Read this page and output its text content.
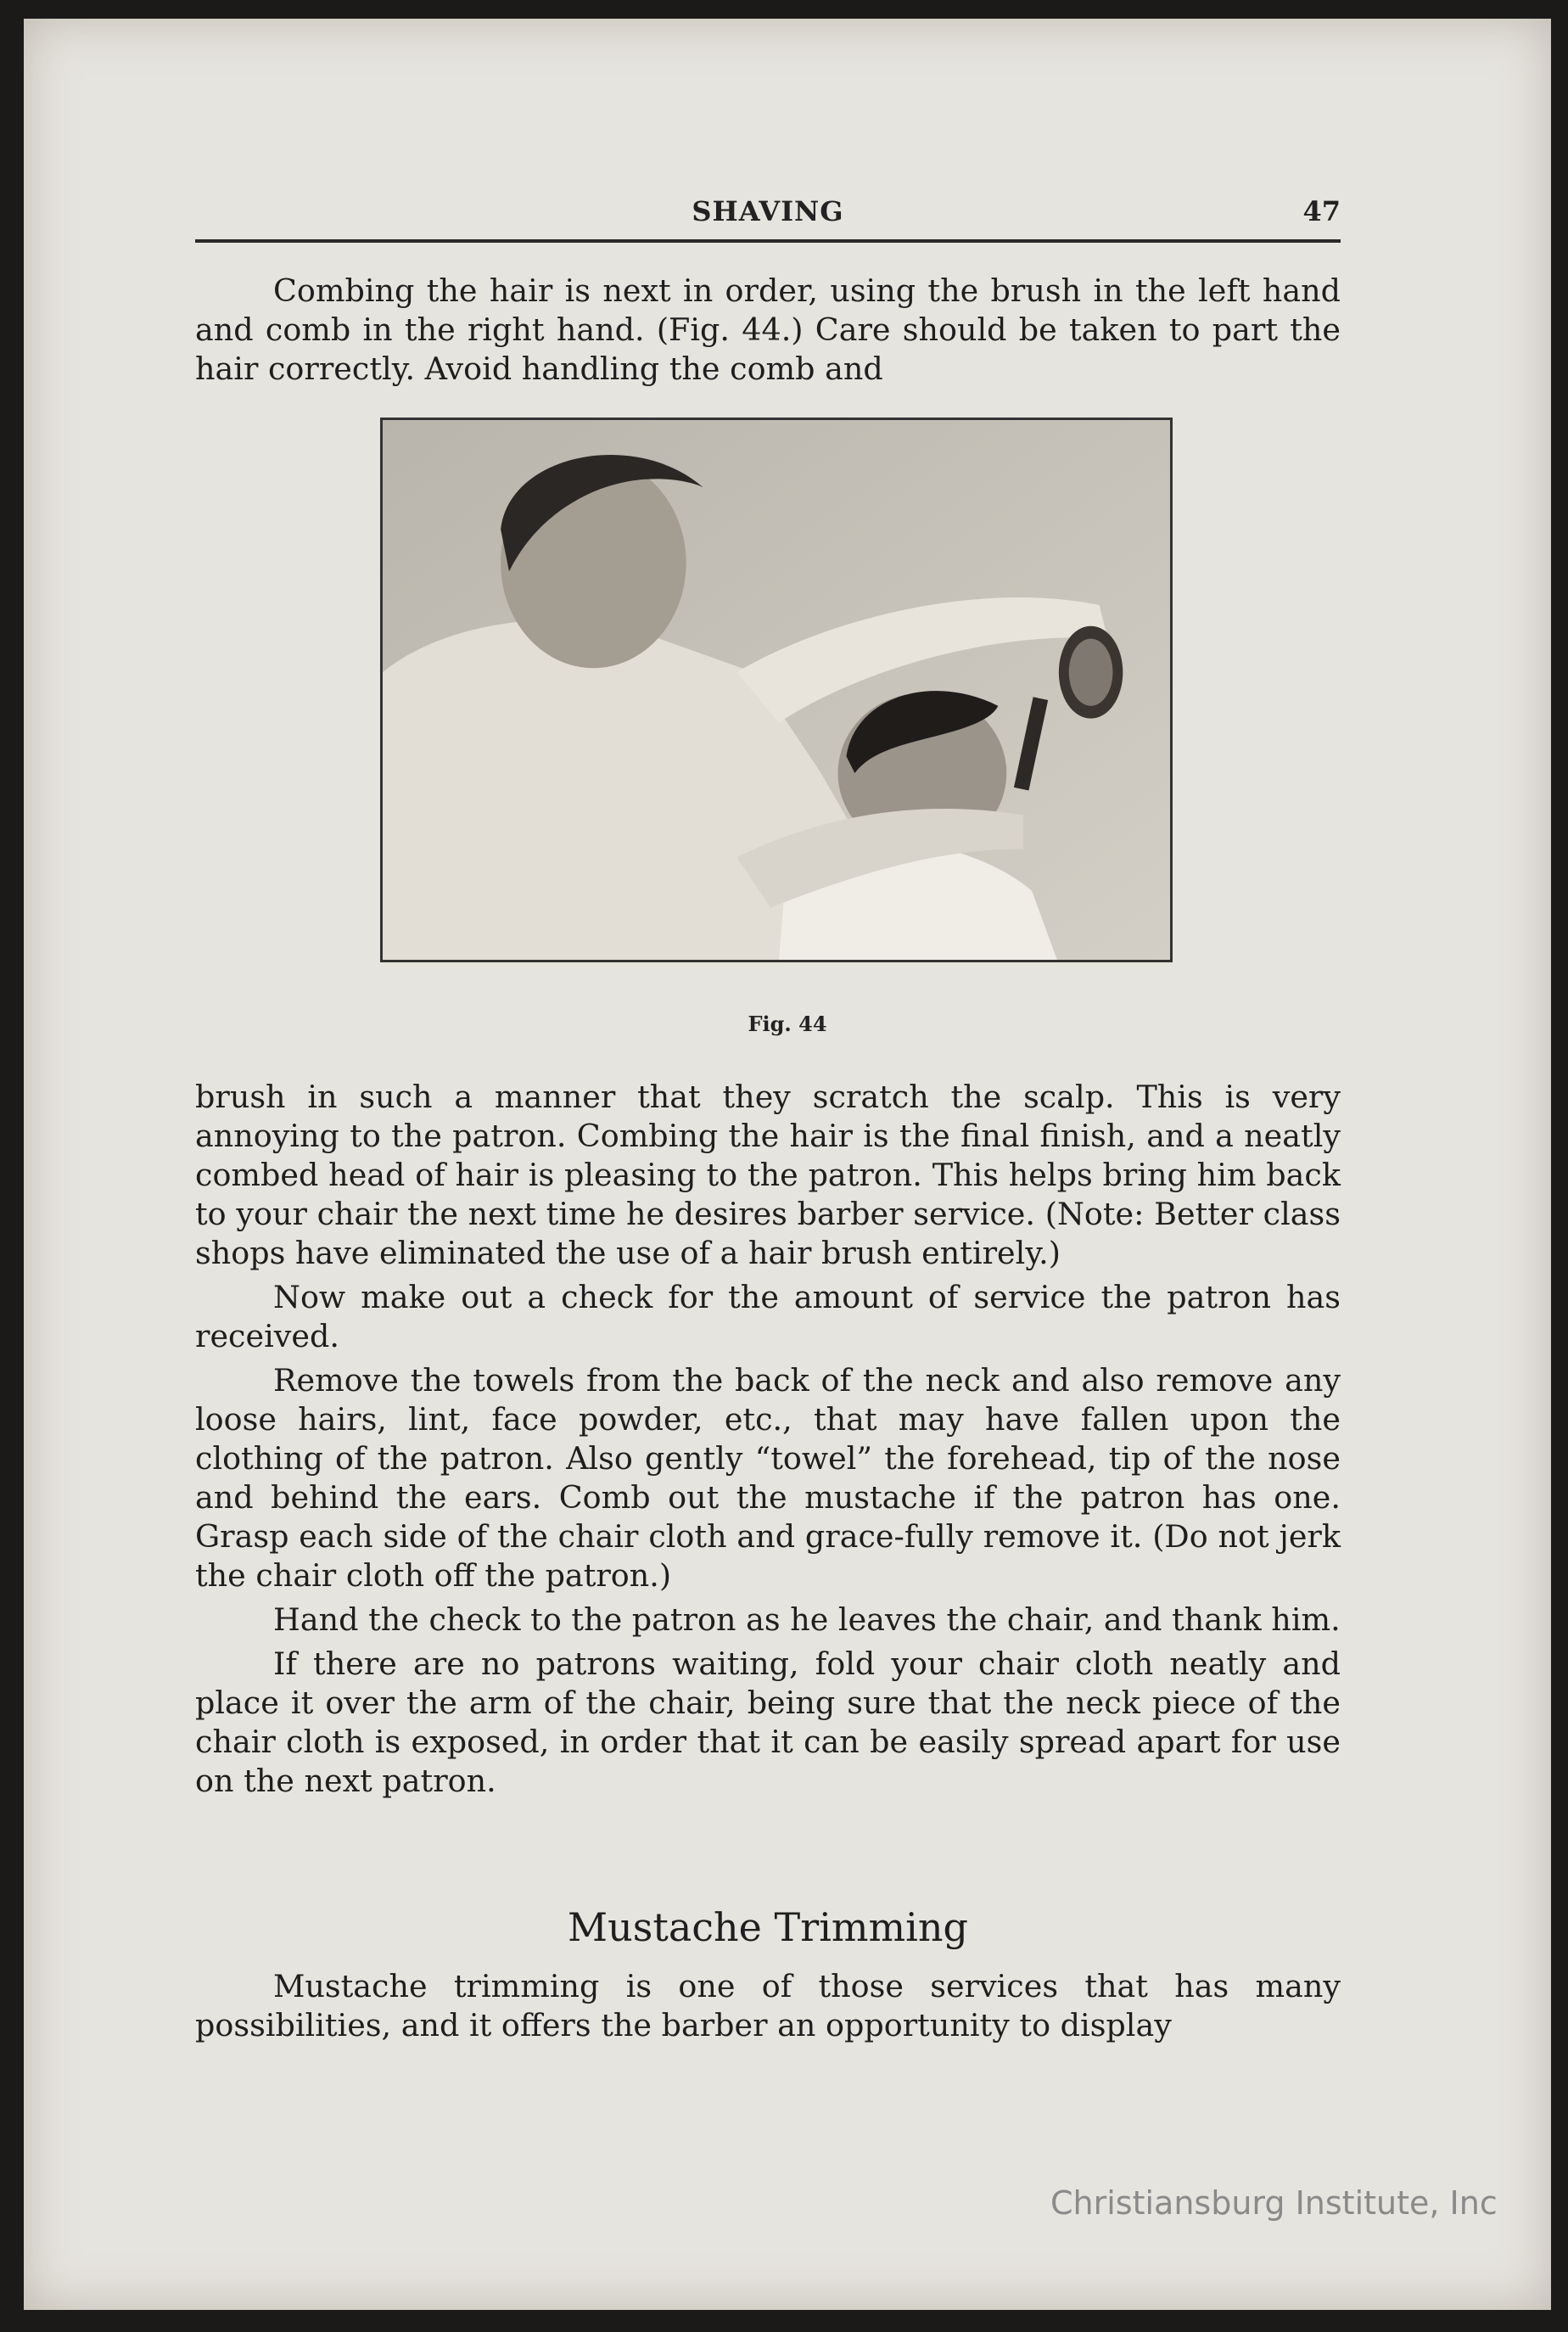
SHAVING	47

Combing the hair is next in order, using the brush in the left hand and comb in the right hand. (Fig. 44.) Care should be taken to part the hair correctly. Avoid handling the comb and

Fig. 44

brush in such a manner that they scratch the scalp. This is very annoying to the patron. Combing the hair is the final finish, and a neatly combed head of hair is pleasing to the patron. This helps bring him back to your chair the next time he desires barber service. (Note: Better class shops have eliminated the use of a hair brush entirely.)

Now make out a check for the amount of service the patron has received.

Remove the towels from the back of the neck and also remove any loose hairs, lint, face powder, etc., that may have fallen upon the clothing of the patron. Also gently “towel” the forehead, tip of the nose and behind the ears. Comb out the mustache if the patron has one. Grasp each side of the chair cloth and grace-fully remove it. (Do not jerk the chair cloth off the patron.)

Hand the check to the patron as he leaves the chair, and thank him.

If there are no patrons waiting, fold your chair cloth neatly and place it over the arm of the chair, being sure that the neck piece of the chair cloth is exposed, in order that it can be easily spread apart for use on the next patron.

Mustache Trimming

Mustache trimming is one of those services that has many possibilities, and it offers the barber an opportunity to display

Christiansburg Institute, Inc
